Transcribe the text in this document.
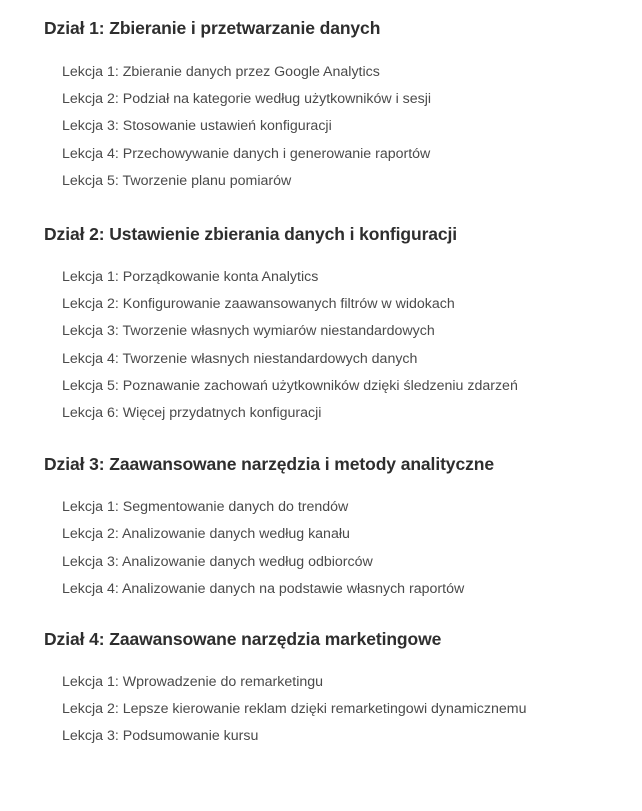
Dział 1: Zbieranie i przetwarzanie danych
Lekcja 1: Zbieranie danych przez Google Analytics
Lekcja 2: Podział na kategorie według użytkowników i sesji
Lekcja 3: Stosowanie ustawień konfiguracji
Lekcja 4: Przechowywanie danych i generowanie raportów
Lekcja 5: Tworzenie planu pomiarów
Dział 2: Ustawienie zbierania danych i konfiguracji
Lekcja 1: Porządkowanie konta Analytics
Lekcja 2: Konfigurowanie zaawansowanych filtrów w widokach
Lekcja 3: Tworzenie własnych wymiarów niestandardowych
Lekcja 4: Tworzenie własnych niestandardowych danych
Lekcja 5: Poznawanie zachowań użytkowników dzięki śledzeniu zdarzeń
Lekcja 6: Więcej przydatnych konfiguracji
Dział 3: Zaawansowane narzędzia i metody analityczne
Lekcja 1: Segmentowanie danych do trendów
Lekcja 2: Analizowanie danych według kanału
Lekcja 3: Analizowanie danych według odbiorców
Lekcja 4: Analizowanie danych na podstawie własnych raportów
Dział 4: Zaawansowane narzędzia marketingowe
Lekcja 1: Wprowadzenie do remarketingu
Lekcja 2: Lepsze kierowanie reklam dzięki remarketingowi dynamicznemu
Lekcja 3: Podsumowanie kursu
